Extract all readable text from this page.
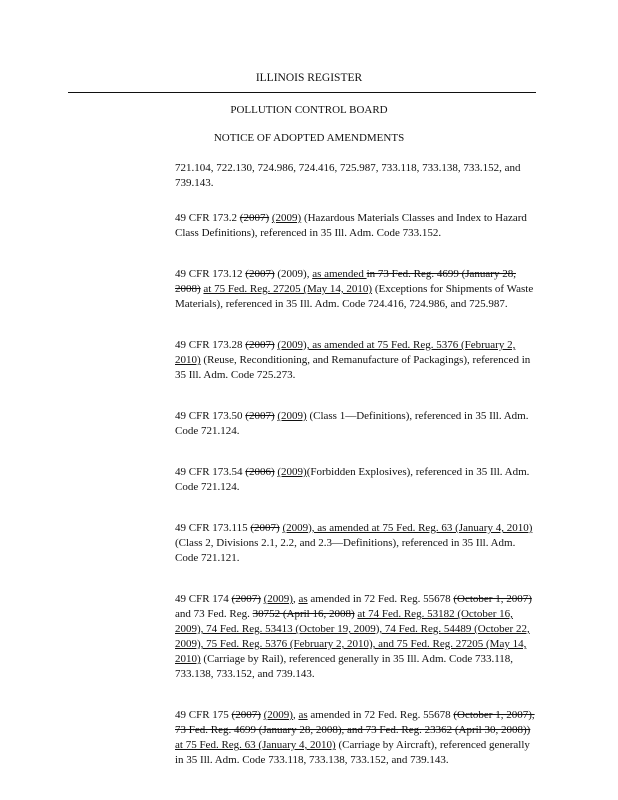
ILLINOIS REGISTER
POLLUTION CONTROL BOARD
NOTICE OF ADOPTED AMENDMENTS

721.104, 722.130, 724.986, 724.416, 725.987, 733.118, 733.138, 733.152, and 739.143.

49 CFR 173.2 (2007) (2009) (Hazardous Materials Classes and Index to Hazard Class Definitions), referenced in 35 Ill. Adm. Code 733.152.

49 CFR 173.12 (2007) (2009), as amended in 73 Fed. Reg. 4699 (January 28, 2008) at 75 Fed. Reg. 27205 (May 14, 2010) (Exceptions for Shipments of Waste Materials), referenced in 35 Ill. Adm. Code 724.416, 724.986, and 725.987.

49 CFR 173.28 (2007) (2009), as amended at 75 Fed. Reg. 5376 (February 2, 2010) (Reuse, Reconditioning, and Remanufacture of Packagings), referenced in 35 Ill. Adm. Code 725.273.

49 CFR 173.50 (2007) (2009) (Class 1—Definitions), referenced in 35 Ill. Adm. Code 721.124.

49 CFR 173.54 (2006) (2009)(Forbidden Explosives), referenced in 35 Ill. Adm. Code 721.124.

49 CFR 173.115 (2007) (2009), as amended at 75 Fed. Reg. 63 (January 4, 2010) (Class 2, Divisions 2.1, 2.2, and 2.3—Definitions), referenced in 35 Ill. Adm. Code 721.121.

49 CFR 174 (2007) (2009), as amended in 72 Fed. Reg. 55678 (October 1, 2007) and 73 Fed. Reg. 30752 (April 16, 2008) at 74 Fed. Reg. 53182 (October 16, 2009), 74 Fed. Reg. 53413 (October 19, 2009), 74 Fed. Reg. 54489 (October 22, 2009), 75 Fed. Reg. 5376 (February 2, 2010), and 75 Fed. Reg. 27205 (May 14, 2010) (Carriage by Rail), referenced generally in 35 Ill. Adm. Code 733.118, 733.138, 733.152, and 739.143.

49 CFR 175 (2007) (2009), as amended in 72 Fed. Reg. 55678 (October 1, 2007), 73 Fed. Reg. 4699 (January 28, 2008), and 73 Fed. Reg. 23362 (April 30, 2008)) at 75 Fed. Reg. 63 (January 4, 2010) (Carriage by Aircraft), referenced generally in 35 Ill. Adm. Code 733.118, 733.138, 733.152, and 739.143.
